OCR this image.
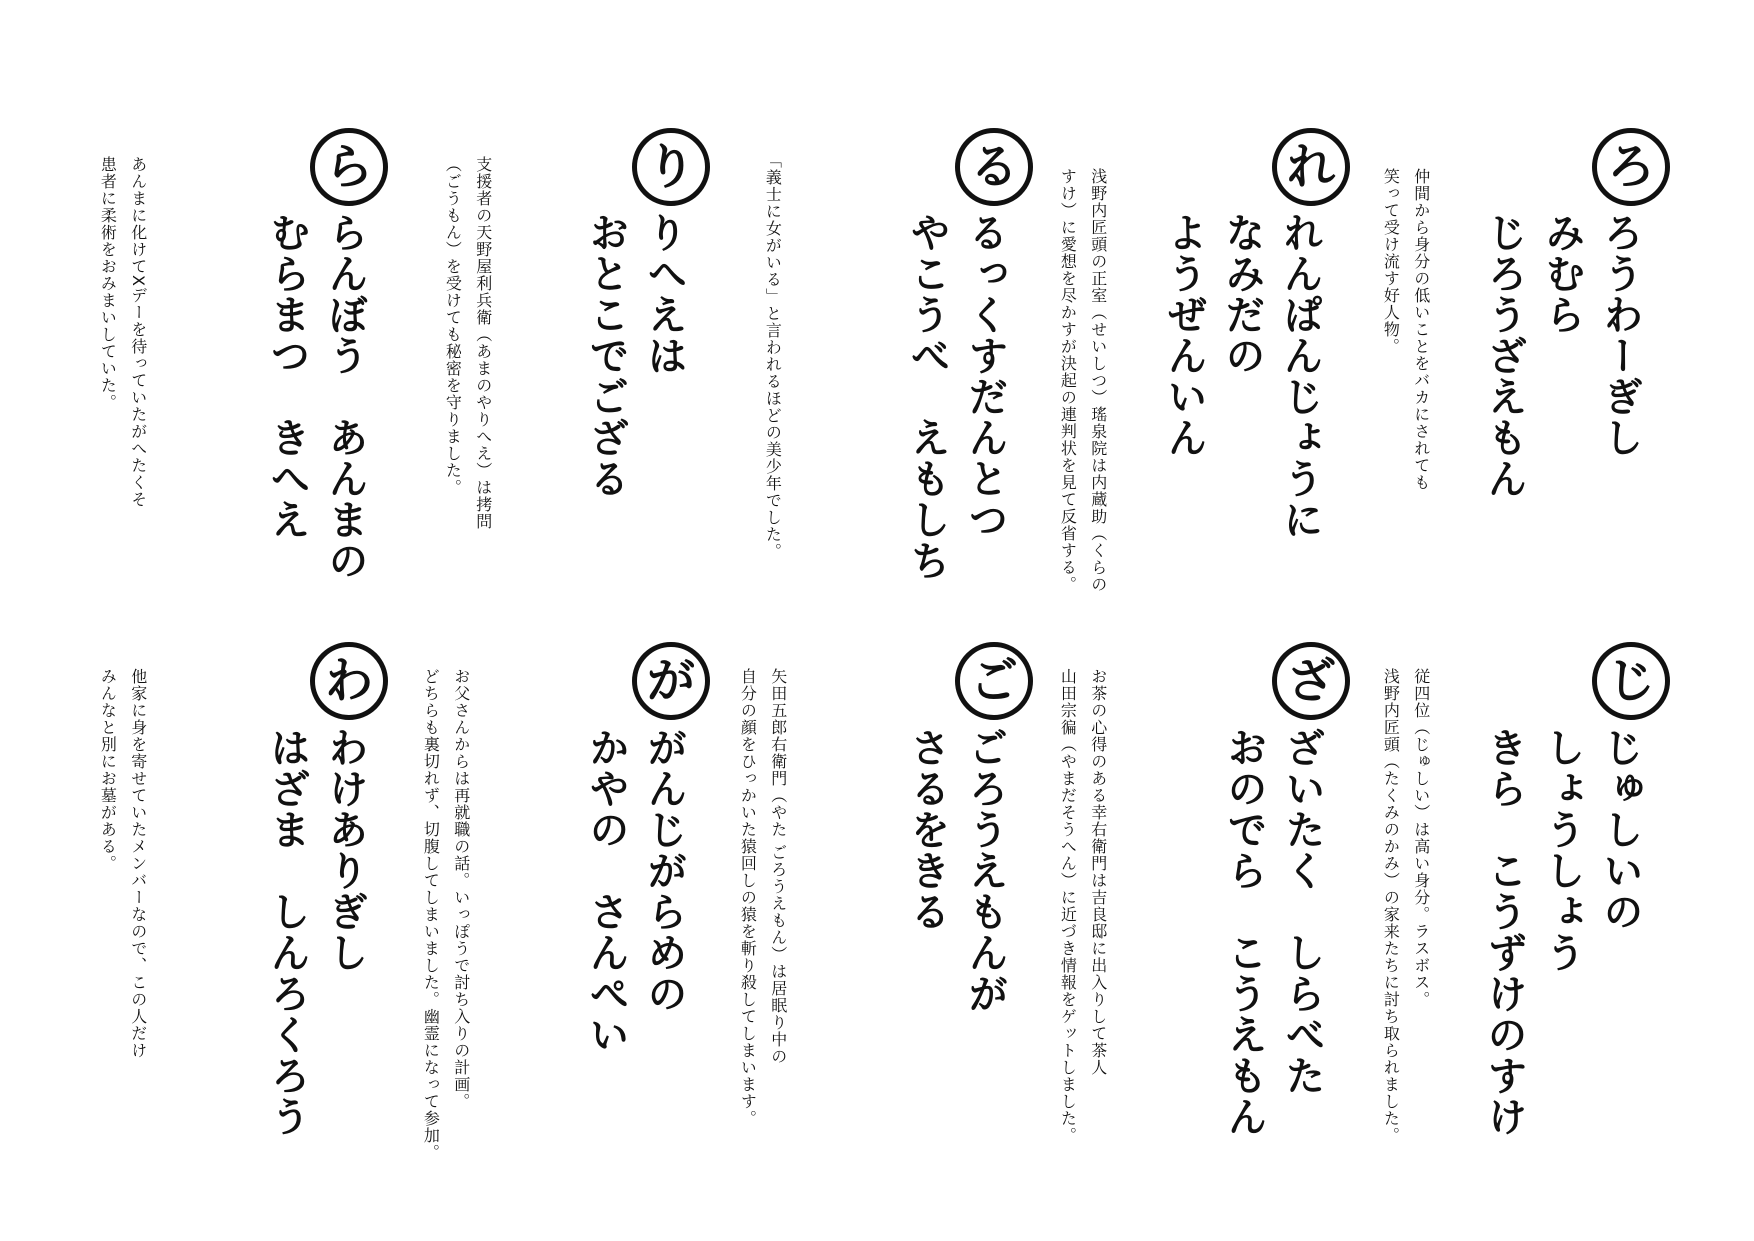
ろ
ろうわーぎし
みむら
じろうざえもん
仲間から身分の低いことをバカにされても
笑って受け流す好人物。
れ
れんぱんじょうに
なみだの
ようぜんいん
浅野内匠頭の正室（せいしつ）瑤泉院は内蔵助（くらの
すけ）に愛想を尽かすが決起の連判状を見て反省する。
る
るっくすだんとつ
やこうべ　えもしち
り
りへえは
おとこでござる	「義士に女がいる」と言われるほどの美少年でした。
ら
らんぼう　あんまの
むらまつ　きへえ	支援者の天野屋利兵衛（あまのやりへえ）は拷問
（ごうもん）を受けても秘密を守りました。
あんまに化けてXデーを待っていたがへたくそ
患者に柔術をおみまいしていた。
じ
じゅしいの
しょうしょう
きら　こうずけのすけ
従四位（じゅしい）は高い身分。ラスボス。
浅野内匠頭（たくみのかみ）の家来たちに討ち取られました。
ざ
ざいたく　しらべた
おのでら　こうえもん
お茶の心得のある幸右衛門は吉良邸に出入りして茶人
山田宗徧（やまだそうへん）に近づき情報をゲットしました。
ご
ごろうえもんが
さるをきる
矢田五郎右衛門（やた ごろうえもん）は居眠り中の
自分の顔をひっかいた猿回しの猿を斬り殺してしまいます。
が
がんじがらめの
かやの　さんぺい
お父さんからは再就職の話。いっぽうで討ち入りの計画。
どちらも裏切れず、切腹してしまいました。幽霊になって参加。
わ
わけありぎし
はざま　しんろくろう
他家に身を寄せていたメンバーなので、この人だけ
みんなと別にお墓がある。
